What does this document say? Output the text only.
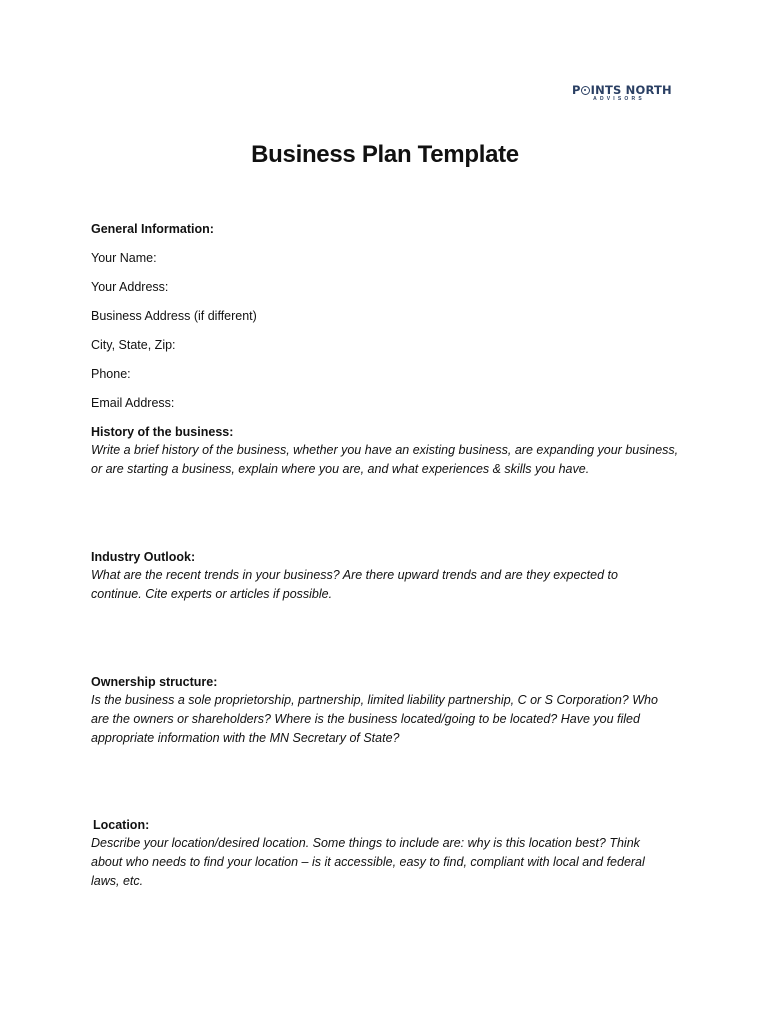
P INTS NORTH
ADVISORS
Business Plan Template
General Information:
Your Name:
Your Address:
Business Address (if different)
City, State, Zip:
Phone:
Email Address:
History of the business:
Write a brief history of the business, whether you have an existing business, are expanding your business,
or are starting a business, explain where you are, and what experiences & skills you have.
Industry Outlook:
What are the recent trends in your business? Are there upward trends and are they expected to
continue. Cite experts or articles if possible.
Ownership structure:
Is the business a sole proprietorship, partnership, limited liability partnership, C or S Corporation? Who
are the owners or shareholders? Where is the business located/going to be located? Have you filed
appropriate information with the MN Secretary of State?
Location:
Describe your location/desired location. Some things to include are: why is this location best? Think
about who needs to find your location – is it accessible, easy to find, compliant with local and federal
laws, etc.
